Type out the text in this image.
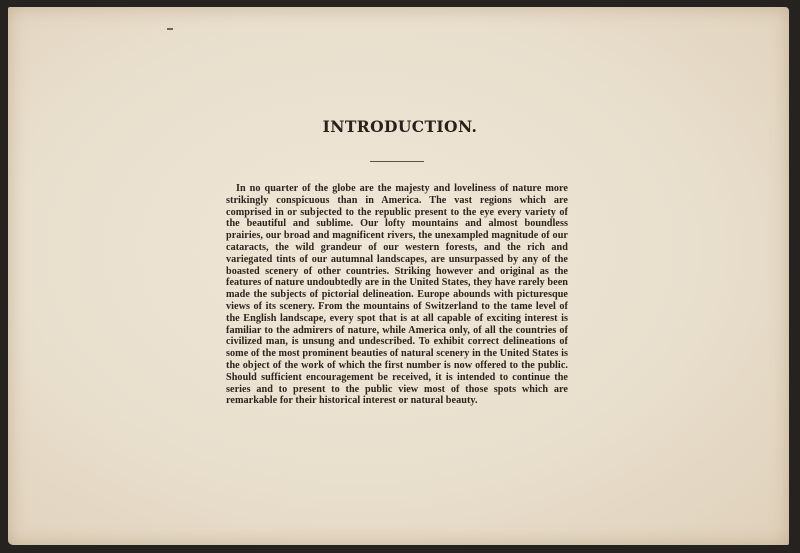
INTRODUCTION.

In no quarter of the globe are the majesty and loveliness of nature more strikingly conspicuous than in America. The vast regions which are comprised in or subjected to the republic present to the eye every variety of the beautiful and sublime. Our lofty mountains and almost boundless prairies, our broad and magnificent rivers, the unexampled magnitude of our cataracts, the wild grandeur of our western forests, and the rich and variegated tints of our autumnal landscapes, are unsurpassed by any of the boasted scenery of other countries. Striking however and original as the features of nature undoubtedly are in the United States, they have rarely been made the subjects of pictorial delineation. Europe abounds with picturesque views of its scenery. From the mountains of Switzerland to the tame level of the English landscape, every spot that is at all capable of exciting interest is familiar to the admirers of nature, while America only, of all the countries of civilized man, is unsung and undescribed. To exhibit correct delineations of some of the most prominent beauties of natural scenery in the United States is the object of the work of which the first number is now offered to the public. Should sufficient encouragement be received, it is intended to continue the series and to present to the public view most of those spots which are remarkable for their historical interest or natural beauty.
